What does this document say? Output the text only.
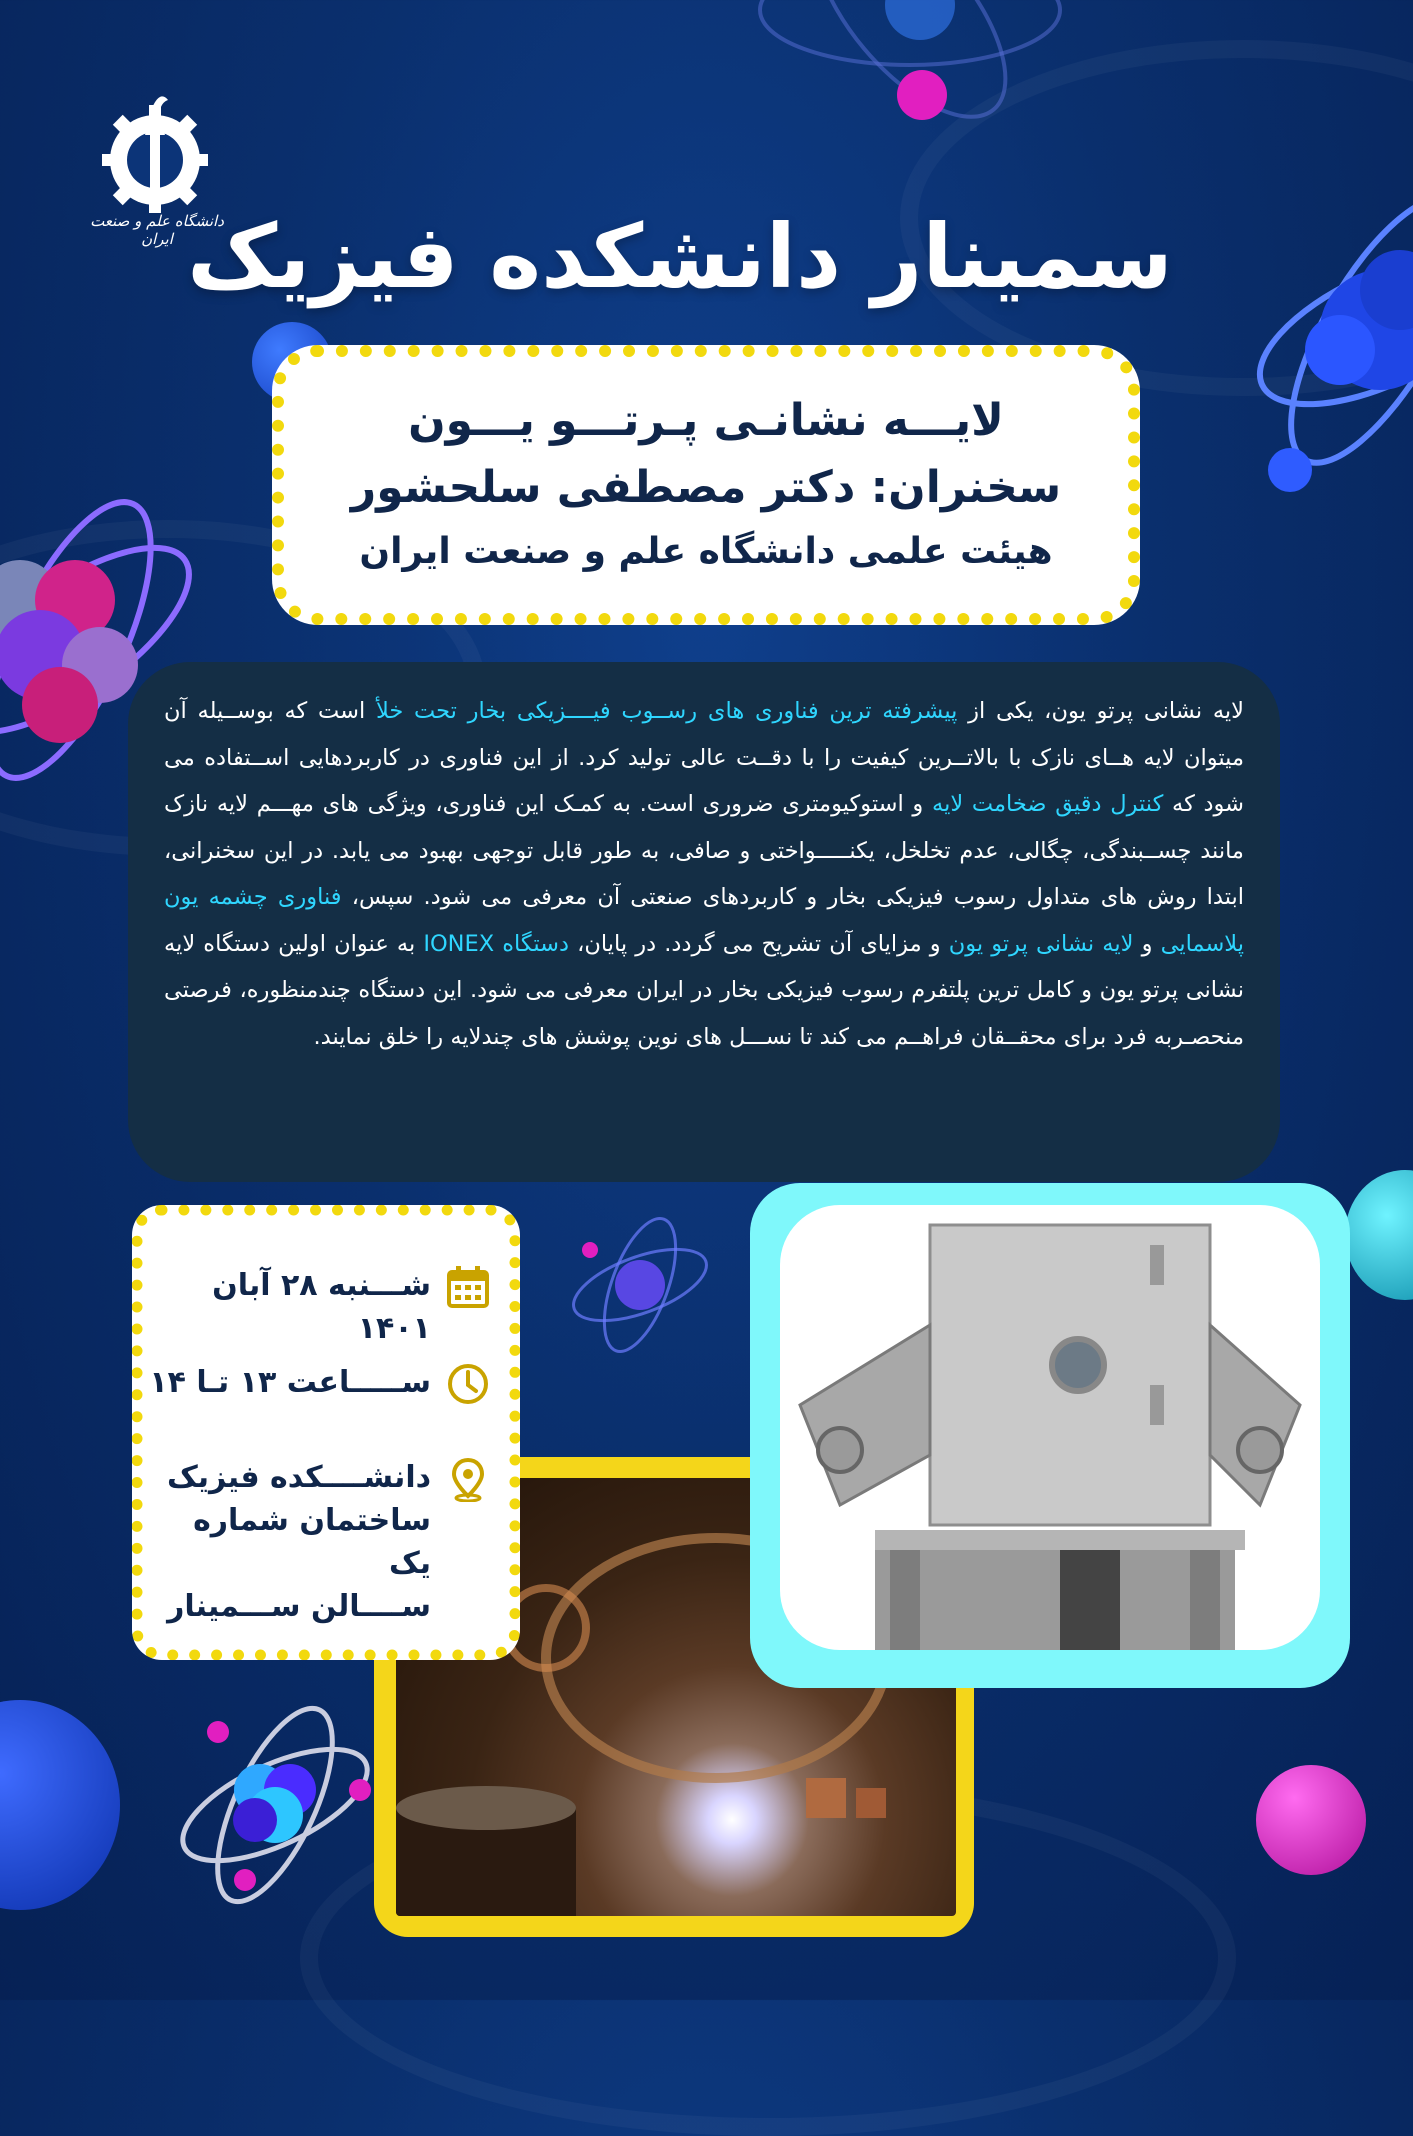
دانشگاه علم و صنعت ایران سمینار دانشکده فیزیک
لایـــه نشانـی پـرتـــو یـــون
سخنران: دکتر مصطفی سلحشور
هیئت علمی دانشگاه علم و صنعت ایران
لایه نشانی پرتو یون، یکی از پیشرفته ترین فناوری های رســوب فیــــزیکی بخار تحت خلأ است که بوســیله آن میتوان لایه هــای نازک با بالاتــرین کیفیت را با دقــت عالی تولید کرد. از این فناوری در کاربردهایی اســتفاده می شود که کنترل دقیق ضخامت لایه و استوکیومتری ضروری است. به کمـک این فناوری، ویژگی های مهـــم لایه نازک مانند چســبندگی، چگالی، عدم تخلخل، یکنـــــواختی و صافی، به طور قابل توجهی بهبود می یابد. در این سخنرانی، ابتدا روش های متداول رسوب فیزیکی بخار و کاربردهای صنعتی آن معرفی می شود. سپس، فناوری چشمه یون پلاسمایی و لایه نشانی پرتو یون و مزایای آن تشریح می گردد. در پایان، دستگاه IONEX به عنوان اولین دستگاه لایه نشانی پرتو یون و کامل ترین پلتفرم رسوب فیزیکی بخار در ایران معرفی می شود. این دستگاه چندمنظوره، فرصتی منحصـربه فرد برای محقــقان فراهــم می کند تا نســـل های نوین پوشش های چندلایه را خلق نمایند.
شـــنبه ۲۸ آبان ۱۴۰۱
ســـــاعت ۱۳ تـا ۱۴
دانشــــکده فیزیک
ساختمان شماره یک
ســــالن ســـمینار
